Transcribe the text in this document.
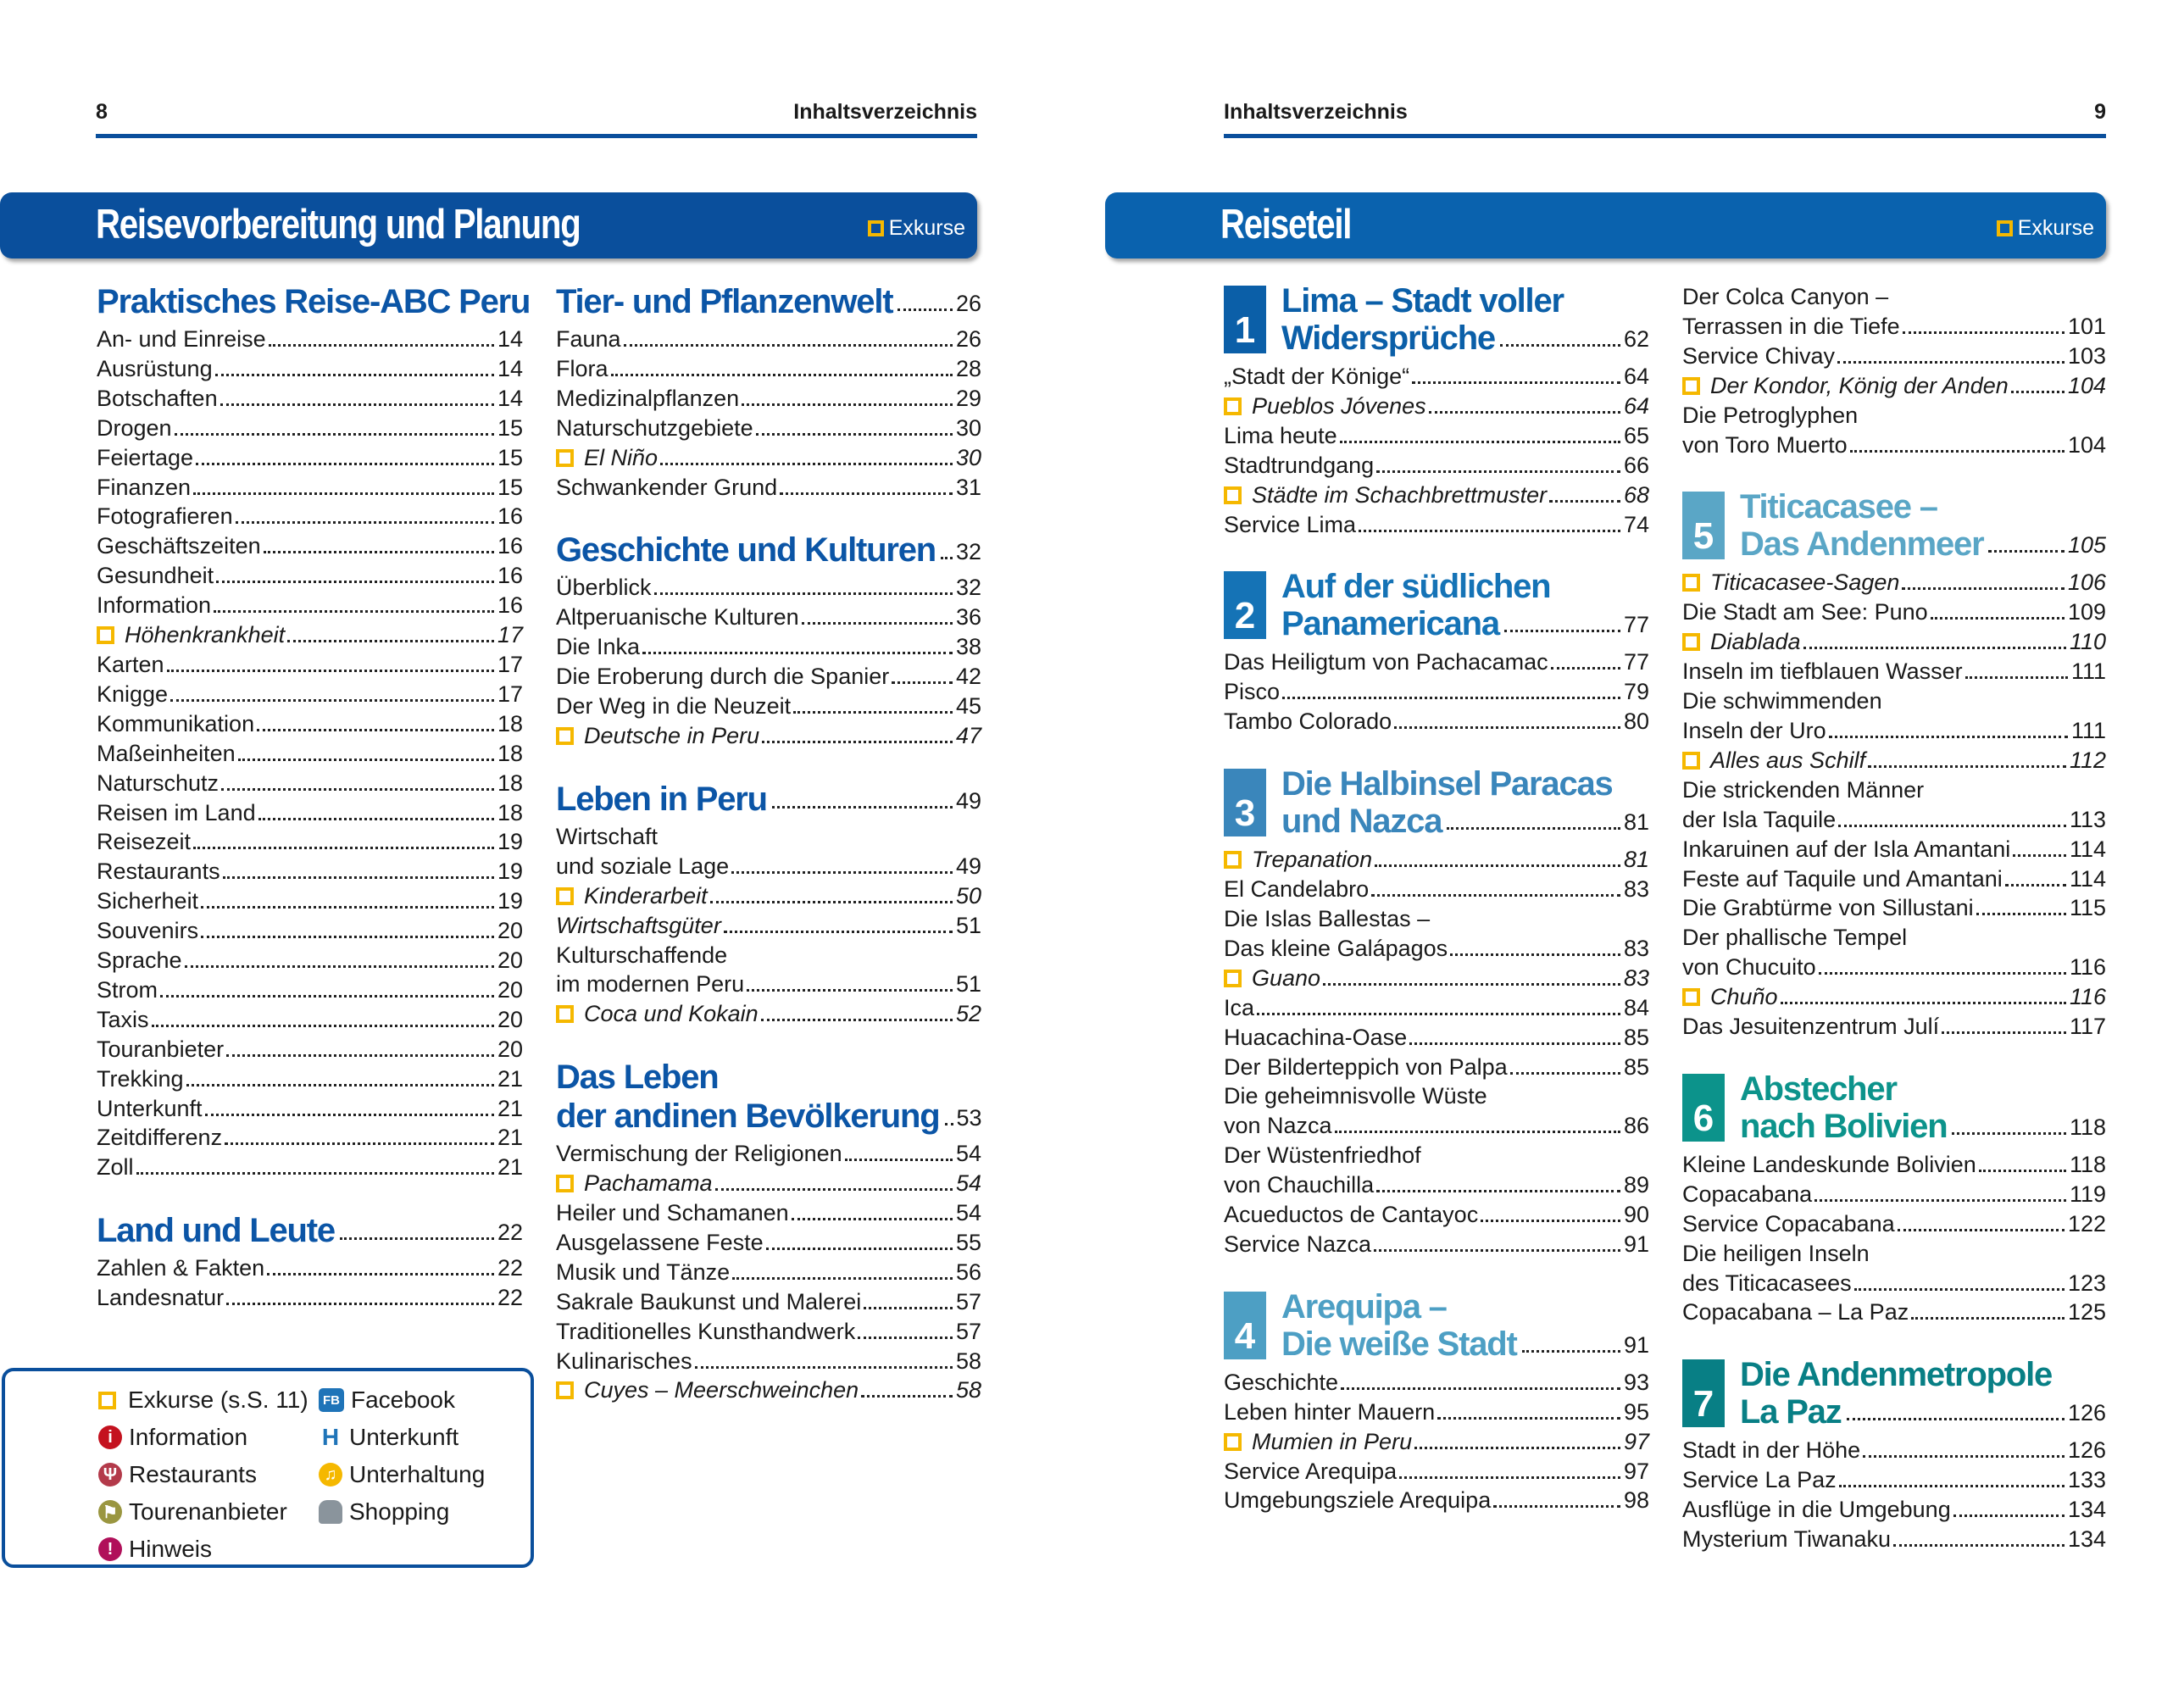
8	Inhaltsverzeichnis
Reisevorbereitung und Planung	Exkurse
Praktisches Reise-ABC Peru
An- und Einreise	14
Ausrüstung	14
Botschaften	14
Drogen	15
Feiertage	15
Finanzen	15
Fotografieren	16
Geschäftszeiten	16
Gesundheit	16
Information	16
Höhenkrankheit	17
Karten	17
Knigge	17
Kommunikation	18
Maßeinheiten	18
Naturschutz	18
Reisen im Land	18
Reisezeit	19
Restaurants	19
Sicherheit	19
Souvenirs	20
Sprache	20
Strom	20
Taxis	20
Touranbieter	20
Trekking	21
Unterkunft	21
Zeitdifferenz	21
Zoll	21
Land und Leute	22
Zahlen & Fakten	22
Landesnatur	22
Tier- und Pflanzenwelt	26
Fauna	26
Flora	28
Medizinalpflanzen	29
Naturschutzgebiete	30
El Niño	30
Schwankender Grund	31
Geschichte und Kulturen 32
Überblick	32
Altperuanische Kulturen	36
Die Inka	38
Die Eroberung durch die Spanier	42
Der Weg in die Neuzeit	45
Deutsche in Peru	47
Leben in Peru	49
Wirtschaft
und soziale Lage	49
Kinderarbeit	50
Wirtschaftsgüter	51
Kulturschaffende
im modernen Peru	51
Coca und Kokain	52
Das Leben
der andinen Bevölkerung 53
Vermischung der Religionen	54
Pachamama	54
Heiler und Schamanen	54
Ausgelassene Feste	55
Musik und Tänze	56
Sakrale Baukunst und Malerei	57
Traditionelles Kunsthandwerk	57
Kulinarisches	58
Cuyes – Meerschweinchen	58
Exkurse (s.S. 11)	FB Facebook
i Information	H Unterkunft
Ψ Restaurants	♫ Unterhaltung
⚑ Tourenanbieter	Shopping
! Hinweis
Inhaltsverzeichnis	9
Reiseteil	Exkurse
1
Lima – Stadt voller
Widersprüche	62
„Stadt der Könige“	64
Pueblos Jóvenes	64
Lima heute	65
Stadtrundgang	66
Städte im Schachbrettmuster	68
Service Lima	74
2
Auf der südlichen
Panamericana	77
Das Heiligtum von Pachacamac	77
Pisco	79
Tambo Colorado	80
3
Die Halbinsel Paracas
und Nazca	81
Trepanation	81
El Candelabro	83
Die Islas Ballestas –
Das kleine Galápagos	83
Guano	83
Ica	84
Huacachina-Oase	85
Der Bilderteppich von Palpa	85
Die geheimnisvolle Wüste
von Nazca	86
Der Wüstenfriedhof
von Chauchilla	89
Acueductos de Cantayoc	90
Service Nazca	91
4
Arequipa –
Die weiße Stadt	91
Geschichte	93
Leben hinter Mauern	95
Mumien in Peru	97
Service Arequipa	97
Umgebungsziele Arequipa	98
Der Colca Canyon –
Terrassen in die Tiefe	101
Service Chivay	103
Der Kondor, König der Anden	104
Die Petroglyphen
von Toro Muerto	104
5
Titicacasee –
Das Andenmeer	105
Titicacasee-Sagen	106
Die Stadt am See: Puno	109
Diablada	110
Inseln im tiefblauen Wasser	111
Die schwimmenden
Inseln der Uro	111
Alles aus Schilf	112
Die strickenden Männer
der Isla Taquile	113
Inkaruinen auf der Isla Amantani	114
Feste auf Taquile und Amantani	114
Die Grabtürme von Sillustani	115
Der phallische Tempel
von Chucuito	116
Chuño	116
Das Jesuitenzentrum Julí	117
6
Abstecher
nach Bolivien	118
Kleine Landeskunde Bolivien	118
Copacabana	119
Service Copacabana	122
Die heiligen Inseln
des Titicacasees	123
Copacabana – La Paz	125
7
Die Andenmetropole
La Paz	126
Stadt in der Höhe	126
Service La Paz	133
Ausflüge in die Umgebung	134
Mysterium Tiwanaku	134
